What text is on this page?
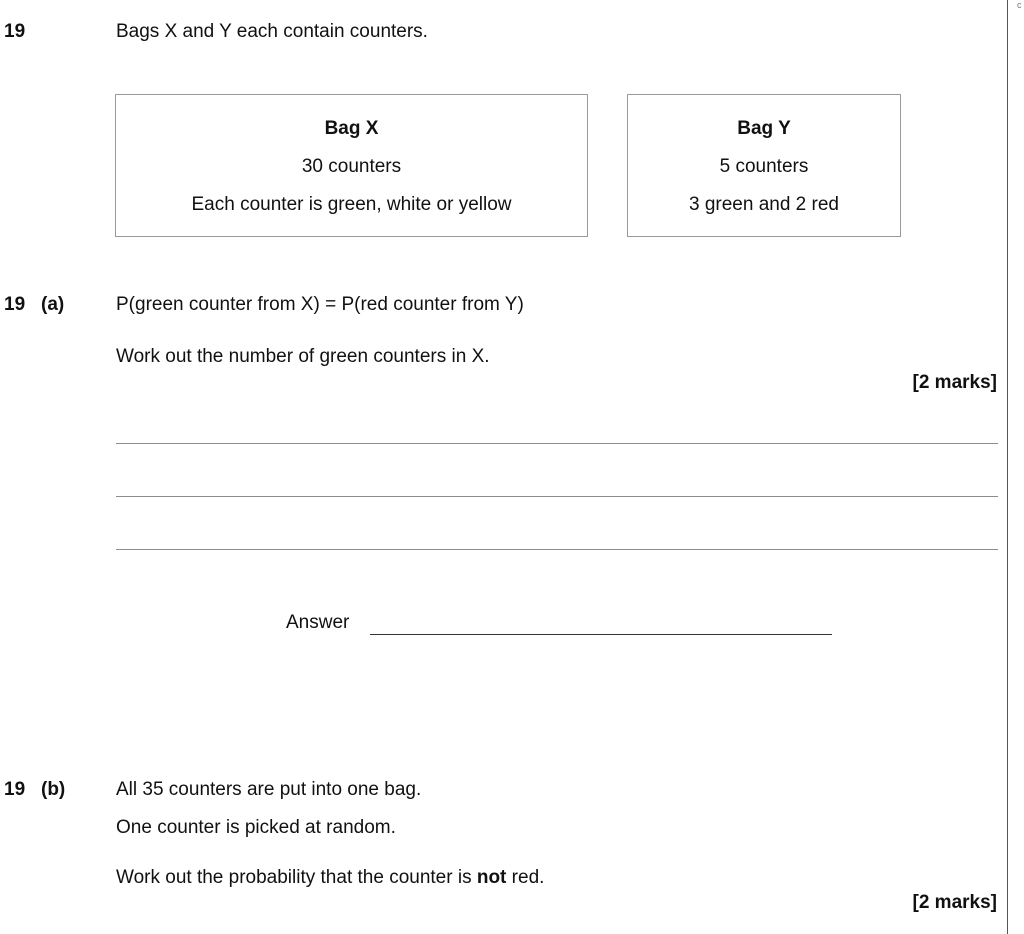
c
19	Bags X and Y each contain counters.
Bag X
30 counters
Each counter is green, white or yellow
Bag Y
5 counters
3 green and 2 red
19 (a)	P(green counter from X) = P(red counter from Y)
Work out the number of green counters in X.
[2 marks]
Answer
19 (b)	All 35 counters are put into one bag.
One counter is picked at random.
Work out the probability that the counter is not red.
[2 marks]
